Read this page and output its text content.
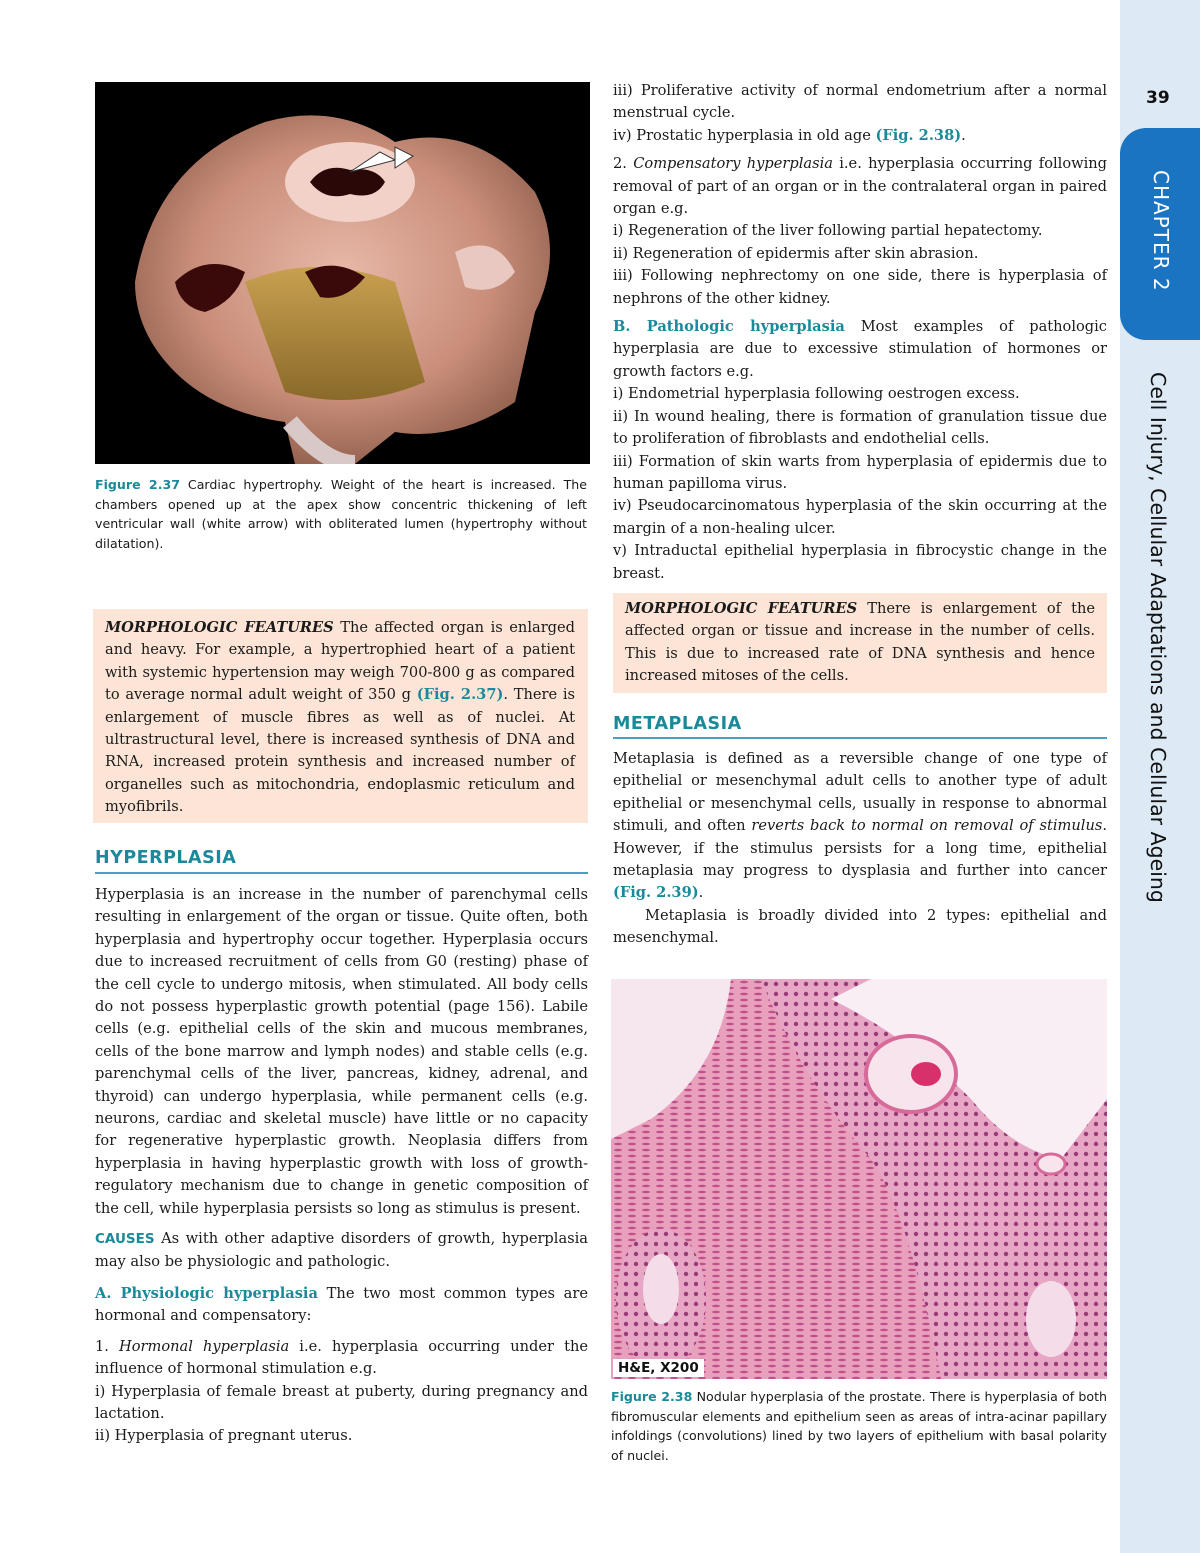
39
CHAPTER 2
Cell Injury, Cellular Adaptations and Cellular Ageing
Figure 2.37 Cardiac hypertrophy. Weight of the heart is increased. The chambers opened up at the apex show concentric thickening of left ventricular wall (white arrow) with obliterated lumen (hypertrophy without dilatation).

MORPHOLOGIC FEATURES The affected organ is enlarged and heavy. For example, a hypertrophied heart of a patient with systemic hypertension may weigh 700-800 g as compared to average normal adult weight of 350 g (Fig. 2.37). There is enlargement of muscle fibres as well as of nuclei. At ultrastructural level, there is increased synthesis of DNA and RNA, increased protein synthesis and increased number of organelles such as mitochondria, endoplasmic reticulum and myofibrils.

HYPERPLASIA

Hyperplasia is an increase in the number of parenchymal cells resulting in enlargement of the organ or tissue. Quite often, both hyperplasia and hypertrophy occur together. Hyperplasia occurs due to increased recruitment of cells from G0 (resting) phase of the cell cycle to undergo mitosis, when stimulated. All body cells do not possess hyperplastic growth potential (page 156). Labile cells (e.g. epithelial cells of the skin and mucous membranes, cells of the bone marrow and lymph nodes) and stable cells (e.g. parenchymal cells of the liver, pancreas, kidney, adrenal, and thyroid) can undergo hyperplasia, while permanent cells (e.g. neurons, cardiac and skeletal muscle) have little or no capacity for regenerative hyperplastic growth. Neoplasia differs from hyperplasia in having hyperplastic growth with loss of growth-regulatory mechanism due to change in genetic composition of the cell, while hyperplasia persists so long as stimulus is present.

CAUSES As with other adaptive disorders of growth, hyperplasia may also be physiologic and pathologic.

A. Physiologic hyperplasia The two most common types are hormonal and compensatory:

1. Hormonal hyperplasia i.e. hyperplasia occurring under the influence of hormonal stimulation e.g.

i) Hyperplasia of female breast at puberty, during pregnancy and lactation.

ii) Hyperplasia of pregnant uterus.

iii) Proliferative activity of normal endometrium after a normal menstrual cycle.

iv) Prostatic hyperplasia in old age (Fig. 2.38).

2. Compensatory hyperplasia i.e. hyperplasia occurring following removal of part of an organ or in the contralateral organ in paired organ e.g.

i) Regeneration of the liver following partial hepatectomy.

ii) Regeneration of epidermis after skin abrasion.

iii) Following nephrectomy on one side, there is hyperplasia of nephrons of the other kidney.

B. Pathologic hyperplasia Most examples of pathologic hyperplasia are due to excessive stimulation of hormones or growth factors e.g.

i) Endometrial hyperplasia following oestrogen excess.

ii) In wound healing, there is formation of granulation tissue due to proliferation of fibroblasts and endothelial cells.

iii) Formation of skin warts from hyperplasia of epidermis due to human papilloma virus.

iv) Pseudocarcinomatous hyperplasia of the skin occurring at the margin of a non-healing ulcer.

v) Intraductal epithelial hyperplasia in fibrocystic change in the breast.

MORPHOLOGIC FEATURES There is enlargement of the affected organ or tissue and increase in the number of cells. This is due to increased rate of DNA synthesis and hence increased mitoses of the cells.

METAPLASIA

Metaplasia is defined as a reversible change of one type of epithelial or mesenchymal adult cells to another type of adult epithelial or mesenchymal cells, usually in response to abnormal stimuli, and often reverts back to normal on removal of stimulus. However, if the stimulus persists for a long time, epithelial metaplasia may progress to dysplasia and further into cancer (Fig. 2.39).

Metaplasia is broadly divided into 2 types: epithelial and mesenchymal.

H&E, X200
Figure 2.38 Nodular hyperplasia of the prostate. There is hyperplasia of both fibromuscular elements and epithelium seen as areas of intra-acinar papillary infoldings (convolutions) lined by two layers of epithelium with basal polarity of nuclei.
